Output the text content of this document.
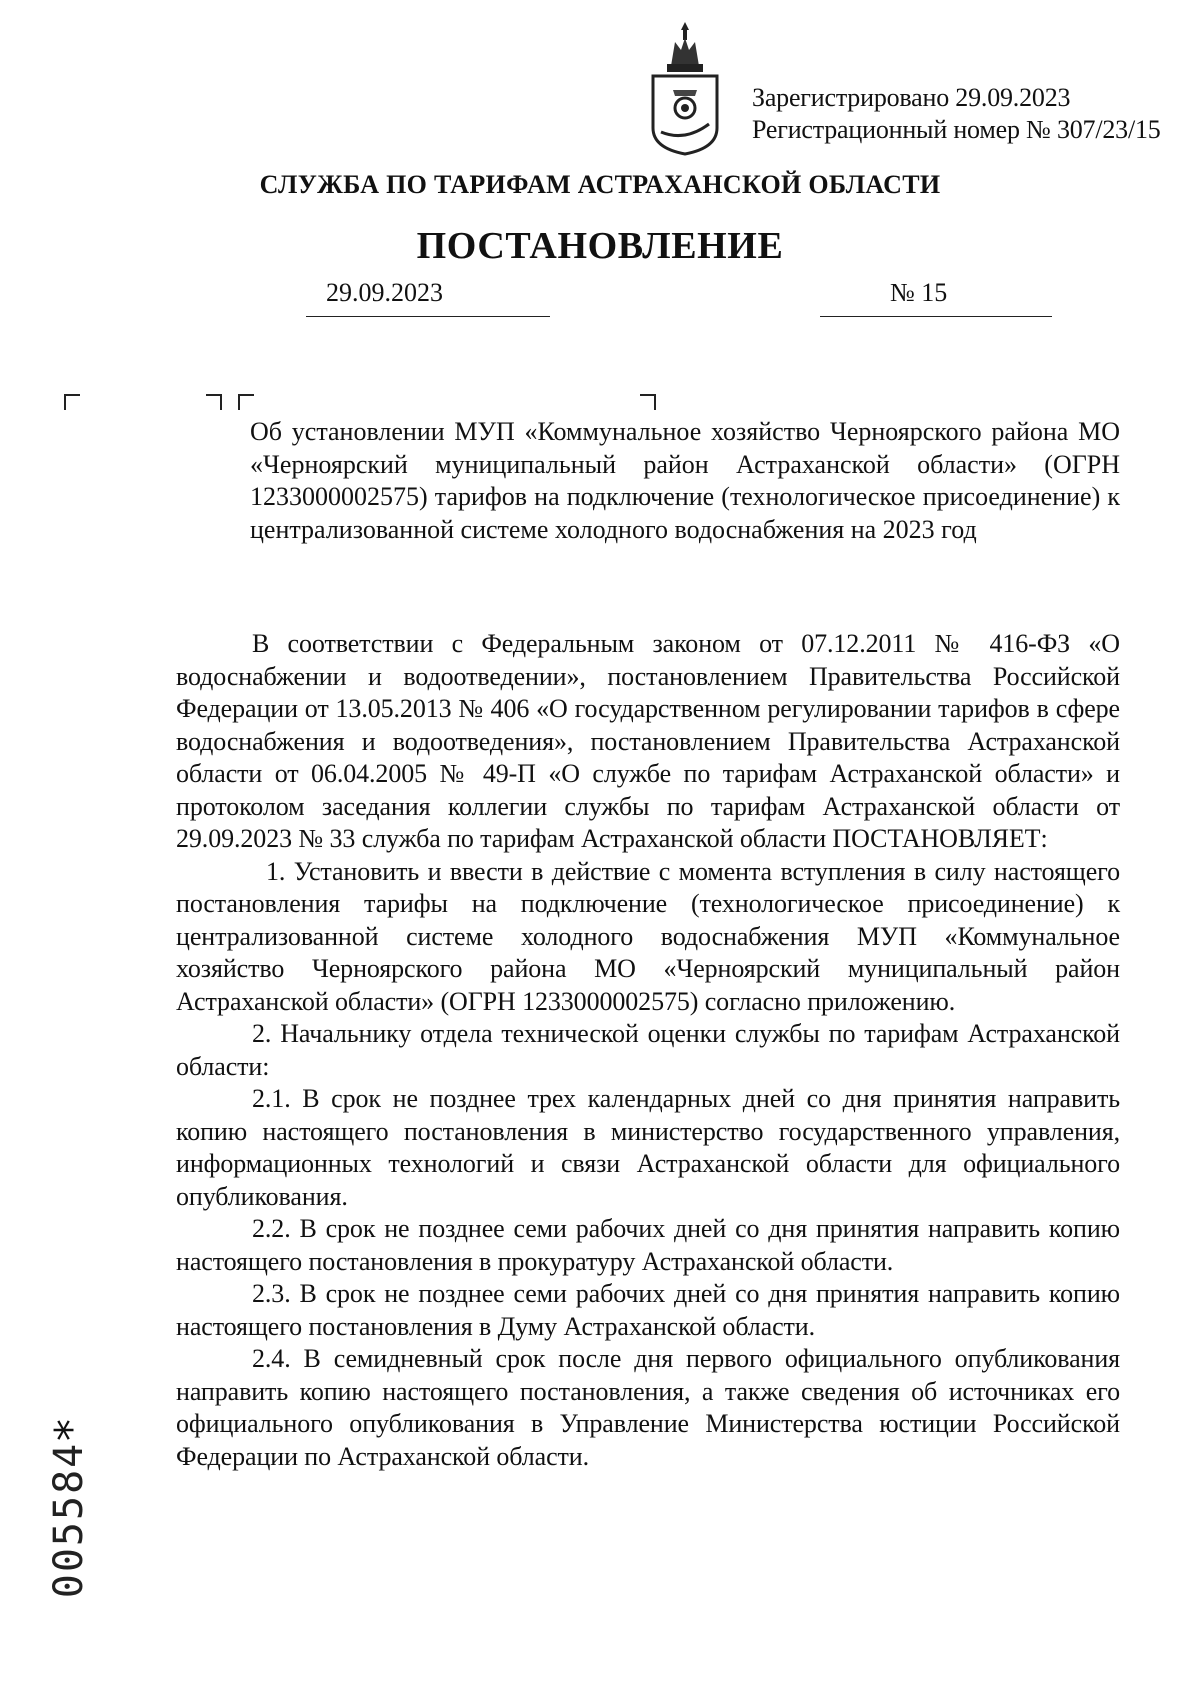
Зарегистрировано 29.09.2023
Регистрационный номер № 307/23/15
СЛУЖБА ПО ТАРИФАМ АСТРАХАНСКОЙ ОБЛАСТИ
ПОСТАНОВЛЕНИЕ
29.09.2023	№ 15
Об установлении МУП «Коммунальное хозяйство Черноярского района МО «Черноярский муниципальный район Астраханской области» (ОГРН 1233000002575) тарифов на подключение (технологическое присоединение) к централизованной системе холодного водоснабжения на 2023 год

В соответствии с Федеральным законом от 07.12.2011 № 416-ФЗ «О водоснабжении и водоотведении», постановлением Правительства Российской Федерации от 13.05.2013 № 406 «О государственном регулировании тарифов в сфере водоснабжения и водоотведения», постановлением Правительства Астраханской области от 06.04.2005 № 49-П «О службе по тарифам Астраханской области» и протоколом заседания коллегии службы по тарифам Астраханской области от 29.09.2023 № 33 служба по тарифам Астраханской области ПОСТАНОВЛЯЕТ:

1. Установить и ввести в действие с момента вступления в силу настоящего постановления тарифы на подключение (технологическое присоединение) к централизованной системе холодного водоснабжения МУП «Коммунальное хозяйство Черноярского района МО «Черноярский муниципальный район Астраханской области» (ОГРН 1233000002575) согласно приложению.

2. Начальнику отдела технической оценки службы по тарифам Астраханской области:

2.1. В срок не позднее трех календарных дней со дня принятия направить копию настоящего постановления в министерство государственного управления, информационных технологий и связи Астраханской области для официального опубликования.

2.2. В срок не позднее семи рабочих дней со дня принятия направить копию настоящего постановления в прокуратуру Астраханской области.

2.3. В срок не позднее семи рабочих дней со дня принятия направить копию настоящего постановления в Думу Астраханской области.

2.4. В семидневный срок после дня первого официального опубликования направить копию настоящего постановления, а также сведения об источниках его официального опубликования в Управление Министерства юстиции Российской Федерации по Астраханской области.

*
005584
